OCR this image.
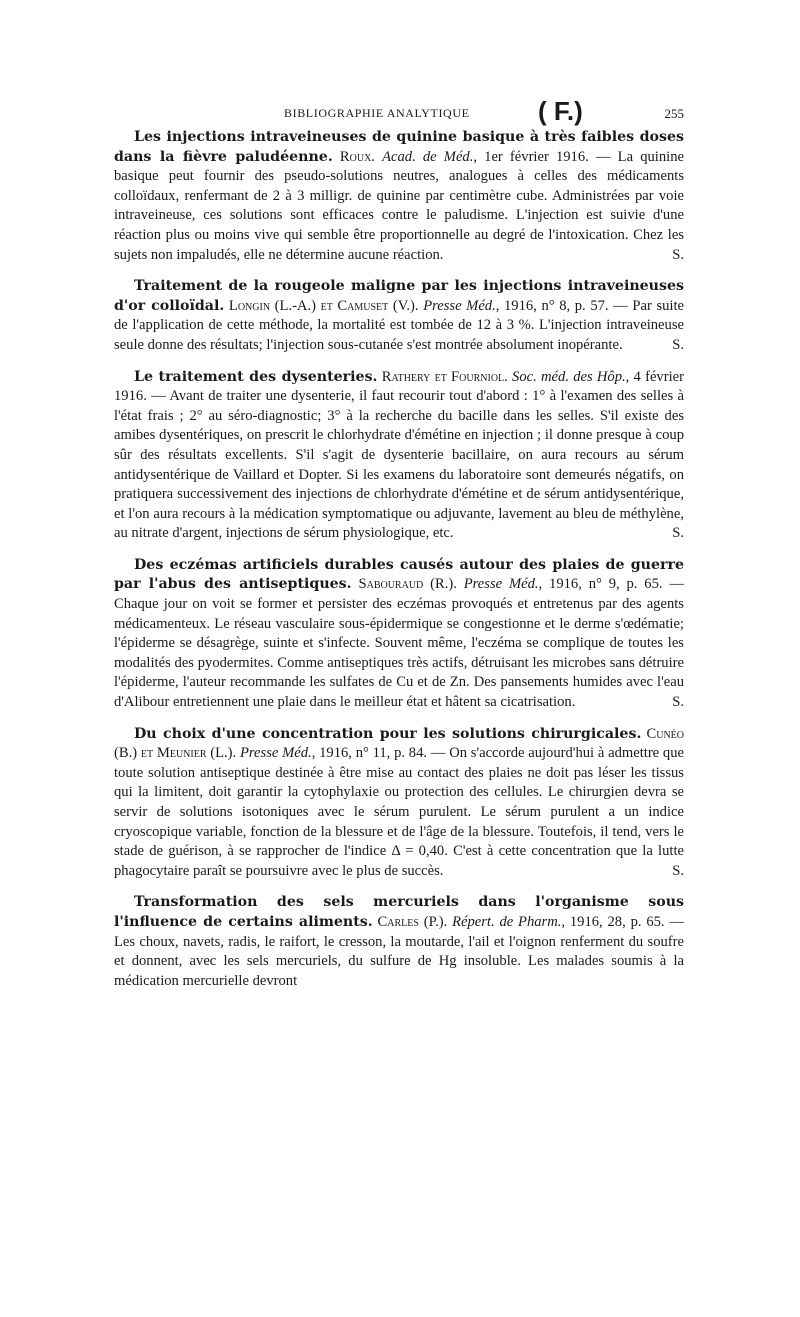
BIBLIOGRAPHIE ANALYTIQUE	( F.)	255

Les injections intraveineuses de quinine basique à très faibles doses dans la fièvre paludéenne. Roux. Acad. de Méd., 1er février 1916. — La quinine basique peut fournir des pseudo-solutions neutres, analogues à celles des médicaments colloïdaux, renfermant de 2 à 3 milligr. de quinine par centimètre cube. Administrées par voie intraveineuse, ces solutions sont efficaces contre le paludisme. L'injection est suivie d'une réaction plus ou moins vive qui semble être proportionnelle au degré de l'intoxication. Chez les sujets non impaludés, elle ne détermine aucune réaction.	S.

Traitement de la rougeole maligne par les injections intraveineuses d'or colloïdal. Longin (L.-A.) et Camuset (V.). Presse Méd., 1916, n° 8, p. 57. — Par suite de l'application de cette méthode, la mortalité est tombée de 12 à 3 %. L'injection intraveineuse seule donne des résultats; l'injection sous-cutanée s'est montrée absolument inopérante.	S.

Le traitement des dysenteries. Rathery et Fourniol. Soc. méd. des Hôp., 4 février 1916. — Avant de traiter une dysenterie, il faut recourir tout d'abord : 1° à l'examen des selles à l'état frais ; 2° au séro-diagnostic; 3° à la recherche du bacille dans les selles. S'il existe des amibes dysentériques, on prescrit le chlorhydrate d'émétine en injection ; il donne presque à coup sûr des résultats excellents. S'il s'agit de dysenterie bacillaire, on aura recours au sérum antidysentérique de Vaillard et Dopter. Si les examens du laboratoire sont demeurés négatifs, on pratiquera successivement des injections de chlorhydrate d'émétine et de sérum antidysentérique, et l'on aura recours à la médication symptomatique ou adjuvante, lavement au bleu de méthylène, au nitrate d'argent, injections de sérum physiologique, etc.	S.

Des eczémas artificiels durables causés autour des plaies de guerre par l'abus des antiseptiques. Sabouraud (R.). Presse Méd., 1916, n° 9, p. 65. — Chaque jour on voit se former et persister des eczémas provoqués et entretenus par des agents médicamenteux. Le réseau vasculaire sous-épidermique se congestionne et le derme s'œdématie; l'épiderme se désagrège, suinte et s'infecte. Souvent même, l'eczéma se complique de toutes les modalités des pyodermites. Comme antiseptiques très actifs, détruisant les microbes sans détruire l'épiderme, l'auteur recommande les sulfates de Cu et de Zn. Des pansements humides avec l'eau d'Alibour entretiennent une plaie dans le meilleur état et hâtent sa cicatrisation.	S.

Du choix d'une concentration pour les solutions chirurgicales. Cunéo (B.) et Meunier (L.). Presse Méd., 1916, n° 11, p. 84. — On s'accorde aujourd'hui à admettre que toute solution antiseptique destinée à être mise au contact des plaies ne doit pas léser les tissus qui la limitent, doit garantir la cytophylaxie ou protection des cellules. Le chirurgien devra se servir de solutions isotoniques avec le sérum purulent. Le sérum purulent a un indice cryoscopique variable, fonction de la blessure et de l'âge de la blessure. Toutefois, il tend, vers le stade de guérison, à se rapprocher de l'indice Δ = 0,40. C'est à cette concentration que la lutte phagocytaire paraît se poursuivre avec le plus de succès.	S.

Transformation des sels mercuriels dans l'organisme sous l'influence de certains aliments. Carles (P.). Répert. de Pharm., 1916, 28, p. 65. — Les choux, navets, radis, le raifort, le cresson, la moutarde, l'ail et l'oignon renferment du soufre et donnent, avec les sels mercuriels, du sulfure de Hg insoluble. Les malades soumis à la médication mercurielle devront
